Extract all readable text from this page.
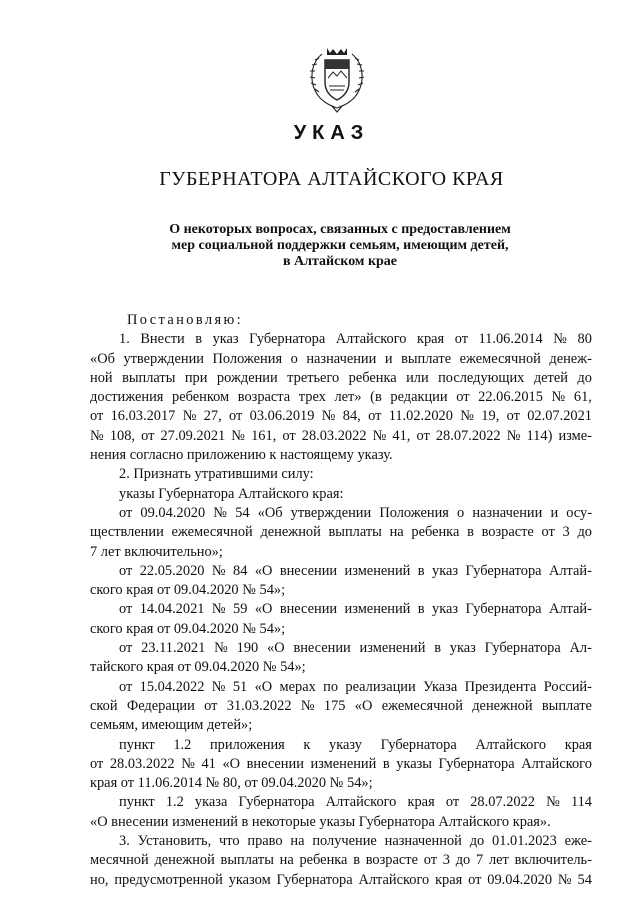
УКАЗ
ГУБЕРНАТОРА АЛТАЙСКОГО КРАЯ
О некоторых вопросах, связанных с предоставлением
мер социальной поддержки семьям, имеющим детей,
в Алтайском крае
Постановляю:
1. Внести в указ Губернатора Алтайского края от 11.06.2014 № 80
«Об утверждении Положения о назначении и выплате ежемесячной денеж-
ной выплаты при рождении третьего ребенка или последующих детей до
достижения ребенком возраста трех лет» (в редакции от 22.06.2015 № 61,
от 16.03.2017 № 27, от 03.06.2019 № 84, от 11.02.2020 № 19, от 02.07.2021
№ 108, от 27.09.2021 № 161, от 28.03.2022 № 41, от 28.07.2022 № 114) изме-
нения согласно приложению к настоящему указу.
2. Признать утратившими силу:
указы Губернатора Алтайского края:
от 09.04.2020 № 54 «Об утверждении Положения о назначении и осу-
ществлении ежемесячной денежной выплаты на ребенка в возрасте от 3 до
7 лет включительно»;
от 22.05.2020 № 84 «О внесении изменений в указ Губернатора Алтай-
ского края от 09.04.2020 № 54»;
от 14.04.2021 № 59 «О внесении изменений в указ Губернатора Алтай-
ского края от 09.04.2020 № 54»;
от 23.11.2021 № 190 «О внесении изменений в указ Губернатора Ал-
тайского края от 09.04.2020 № 54»;
от 15.04.2022 № 51 «О мерах по реализации Указа Президента Россий-
ской Федерации от 31.03.2022 № 175 «О ежемесячной денежной выплате
семьям, имеющим детей»;
пункт 1.2 приложения к указу Губернатора Алтайского края
от 28.03.2022 № 41 «О внесении изменений в указы Губернатора Алтайского
края от 11.06.2014 № 80, от 09.04.2020 № 54»;
пункт 1.2 указа Губернатора Алтайского края от 28.07.2022 № 114
«О внесении изменений в некоторые указы Губернатора Алтайского края».
3. Установить, что право на получение назначенной до 01.01.2023 еже-
месячной денежной выплаты на ребенка в возрасте от 3 до 7 лет включитель-
но, предусмотренной указом Губернатора Алтайского края от 09.04.2020 № 54
